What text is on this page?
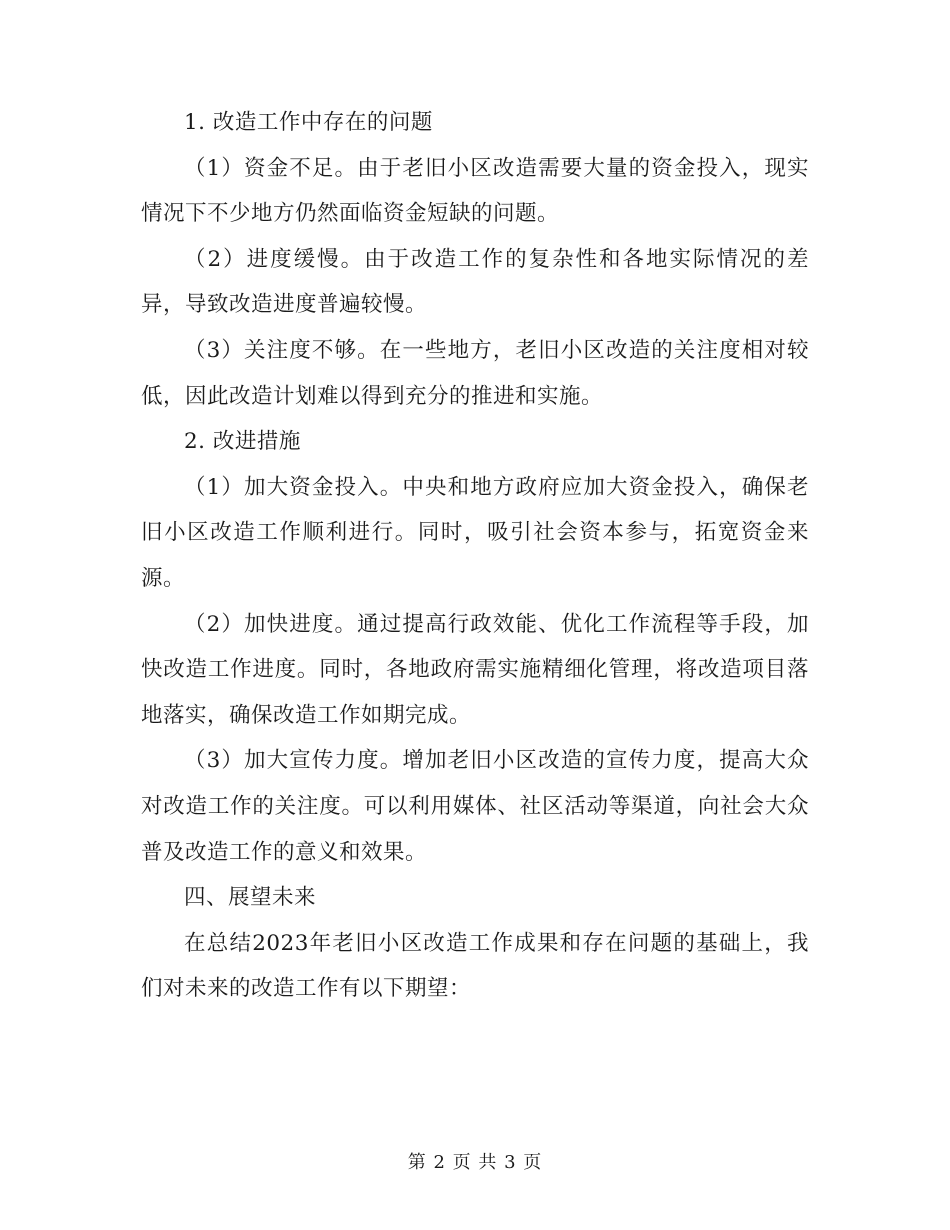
1. 改造工作中存在的问题

（1）资金不足。由于老旧小区改造需要大量的资金投入，现实情况下不少地方仍然面临资金短缺的问题。

（2）进度缓慢。由于改造工作的复杂性和各地实际情况的差异，导致改造进度普遍较慢。

（3）关注度不够。在一些地方，老旧小区改造的关注度相对较低，因此改造计划难以得到充分的推进和实施。

2. 改进措施

（1）加大资金投入。中央和地方政府应加大资金投入，确保老旧小区改造工作顺利进行。同时，吸引社会资本参与，拓宽资金来源。

（2）加快进度。通过提高行政效能、优化工作流程等手段，加快改造工作进度。同时，各地政府需实施精细化管理，将改造项目落地落实，确保改造工作如期完成。

（3）加大宣传力度。增加老旧小区改造的宣传力度，提高大众对改造工作的关注度。可以利用媒体、社区活动等渠道，向社会大众普及改造工作的意义和效果。

四、展望未来

在总结2023年老旧小区改造工作成果和存在问题的基础上，我们对未来的改造工作有以下期望：

第 2 页 共 3 页
